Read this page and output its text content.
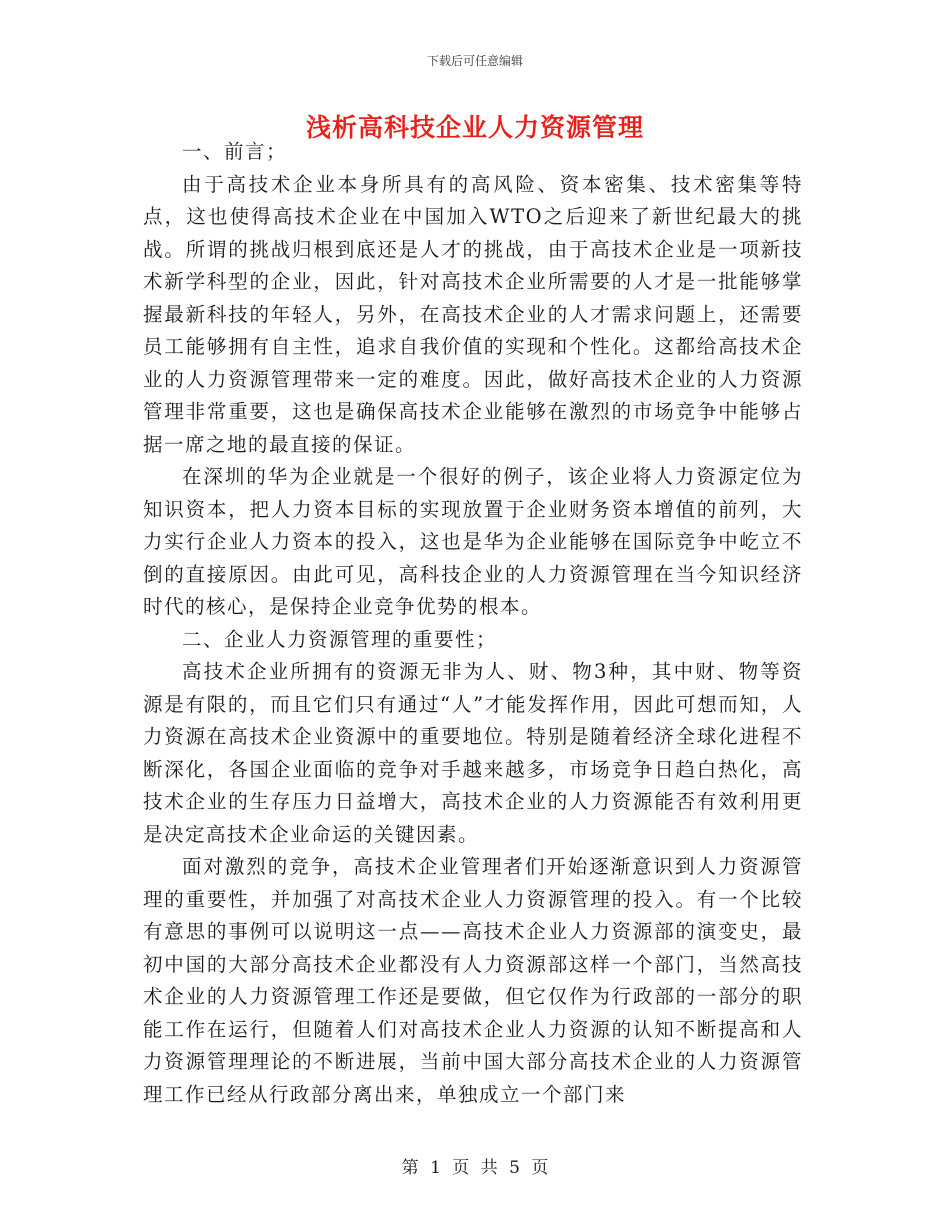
下载后可任意编辑
浅析高科技企业人力资源管理

一、前言；

由于高技术企业本身所具有的高风险、资本密集、技术密集等特点，这也使得高技术企业在中国加入WTO之后迎来了新世纪最大的挑战。所谓的挑战归根到底还是人才的挑战，由于高技术企业是一项新技术新学科型的企业，因此，针对高技术企业所需要的人才是一批能够掌握最新科技的年轻人，另外，在高技术企业的人才需求问题上，还需要员工能够拥有自主性，追求自我价值的实现和个性化。这都给高技术企业的人力资源管理带来一定的难度。因此，做好高技术企业的人力资源管理非常重要，这也是确保高技术企业能够在激烈的市场竞争中能够占据一席之地的最直接的保证。

在深圳的华为企业就是一个很好的例子，该企业将人力资源定位为知识资本，把人力资本目标的实现放置于企业财务资本增值的前列，大力实行企业人力资本的投入，这也是华为企业能够在国际竞争中屹立不倒的直接原因。由此可见，高科技企业的人力资源管理在当今知识经济时代的核心，是保持企业竞争优势的根本。

二、企业人力资源管理的重要性；

高技术企业所拥有的资源无非为人、财、物3种，其中财、物等资源是有限的，而且它们只有通过“人”才能发挥作用，因此可想而知，人力资源在高技术企业资源中的重要地位。特别是随着经济全球化进程不断深化，各国企业面临的竞争对手越来越多，市场竞争日趋白热化，高技术企业的生存压力日益增大，高技术企业的人力资源能否有效利用更是决定高技术企业命运的关键因素。

面对激烈的竞争，高技术企业管理者们开始逐渐意识到人力资源管理的重要性，并加强了对高技术企业人力资源管理的投入。有一个比较有意思的事例可以说明这一点——高技术企业人力资源部的演变史，最初中国的大部分高技术企业都没有人力资源部这样一个部门，当然高技术企业的人力资源管理工作还是要做，但它仅作为行政部的一部分的职能工作在运行，但随着人们对高技术企业人力资源的认知不断提高和人力资源管理理论的不断进展，当前中国大部分高技术企业的人力资源管理工作已经从行政部分离出来，单独成立一个部门来

第 1 页 共 5 页
